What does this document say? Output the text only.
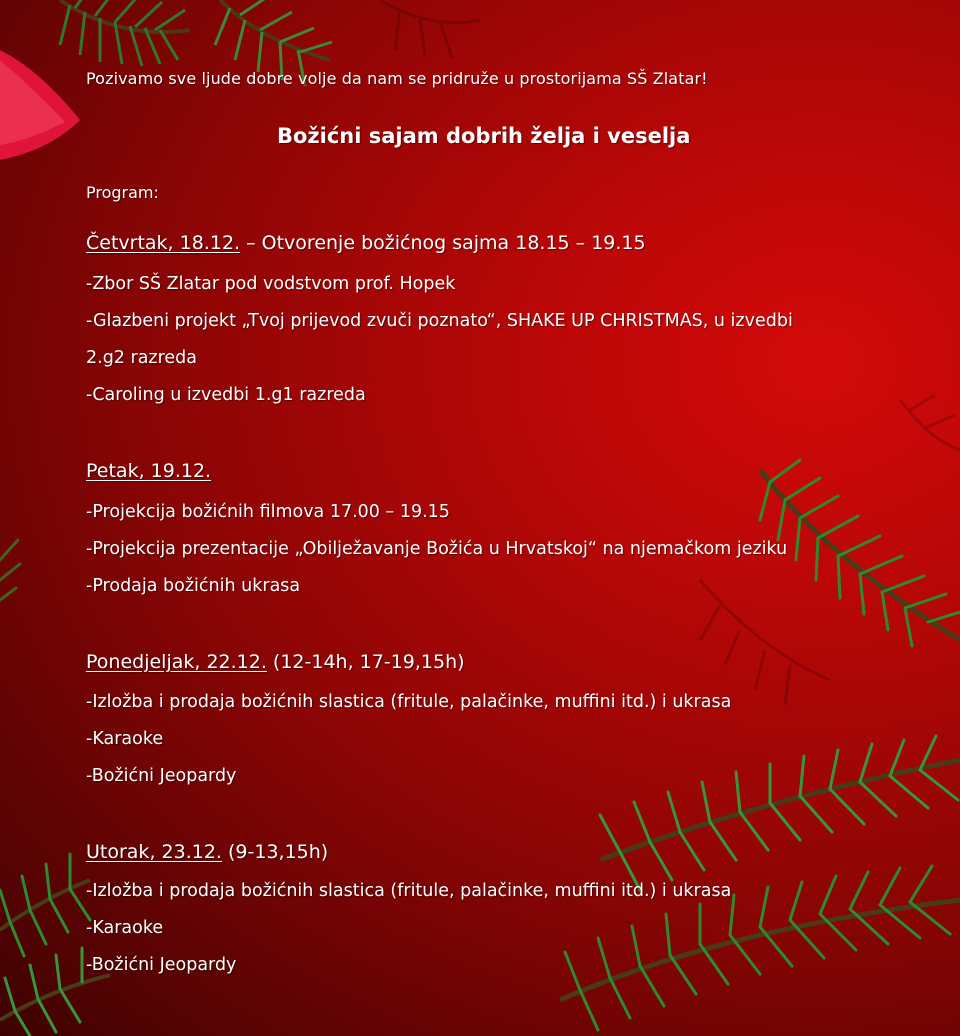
Pozivamo sve ljude dobre volje da nam se pridruže u prostorijama SŠ Zlatar!
Božićni sajam dobrih želja i veselja
Program:
Četvrtak, 18.12. – Otvorenje božićnog sajma 18.15 – 19.15
-Zbor SŠ Zlatar pod vodstvom prof. Hopek
-Glazbeni projekt „Tvoj prijevod zvuči poznato“, SHAKE UP CHRISTMAS, u izvedbi
2.g2 razreda
-Caroling u izvedbi 1.g1 razreda
Petak, 19.12.
-Projekcija božićnih filmova 17.00 – 19.15
-Projekcija prezentacije „Obilježavanje Božića u Hrvatskoj“ na njemačkom jeziku
-Prodaja božićnih ukrasa
Ponedjeljak, 22.12. (12-14h, 17-19,15h)
-Izložba i prodaja božićnih slastica (fritule, palačinke, muffini itd.) i ukrasa
-Karaoke
-Božićni Jeopardy
Utorak, 23.12. (9-13,15h)
-Izložba i prodaja božićnih slastica (fritule, palačinke, muffini itd.) i ukrasa
-Karaoke
-Božićni Jeopardy
